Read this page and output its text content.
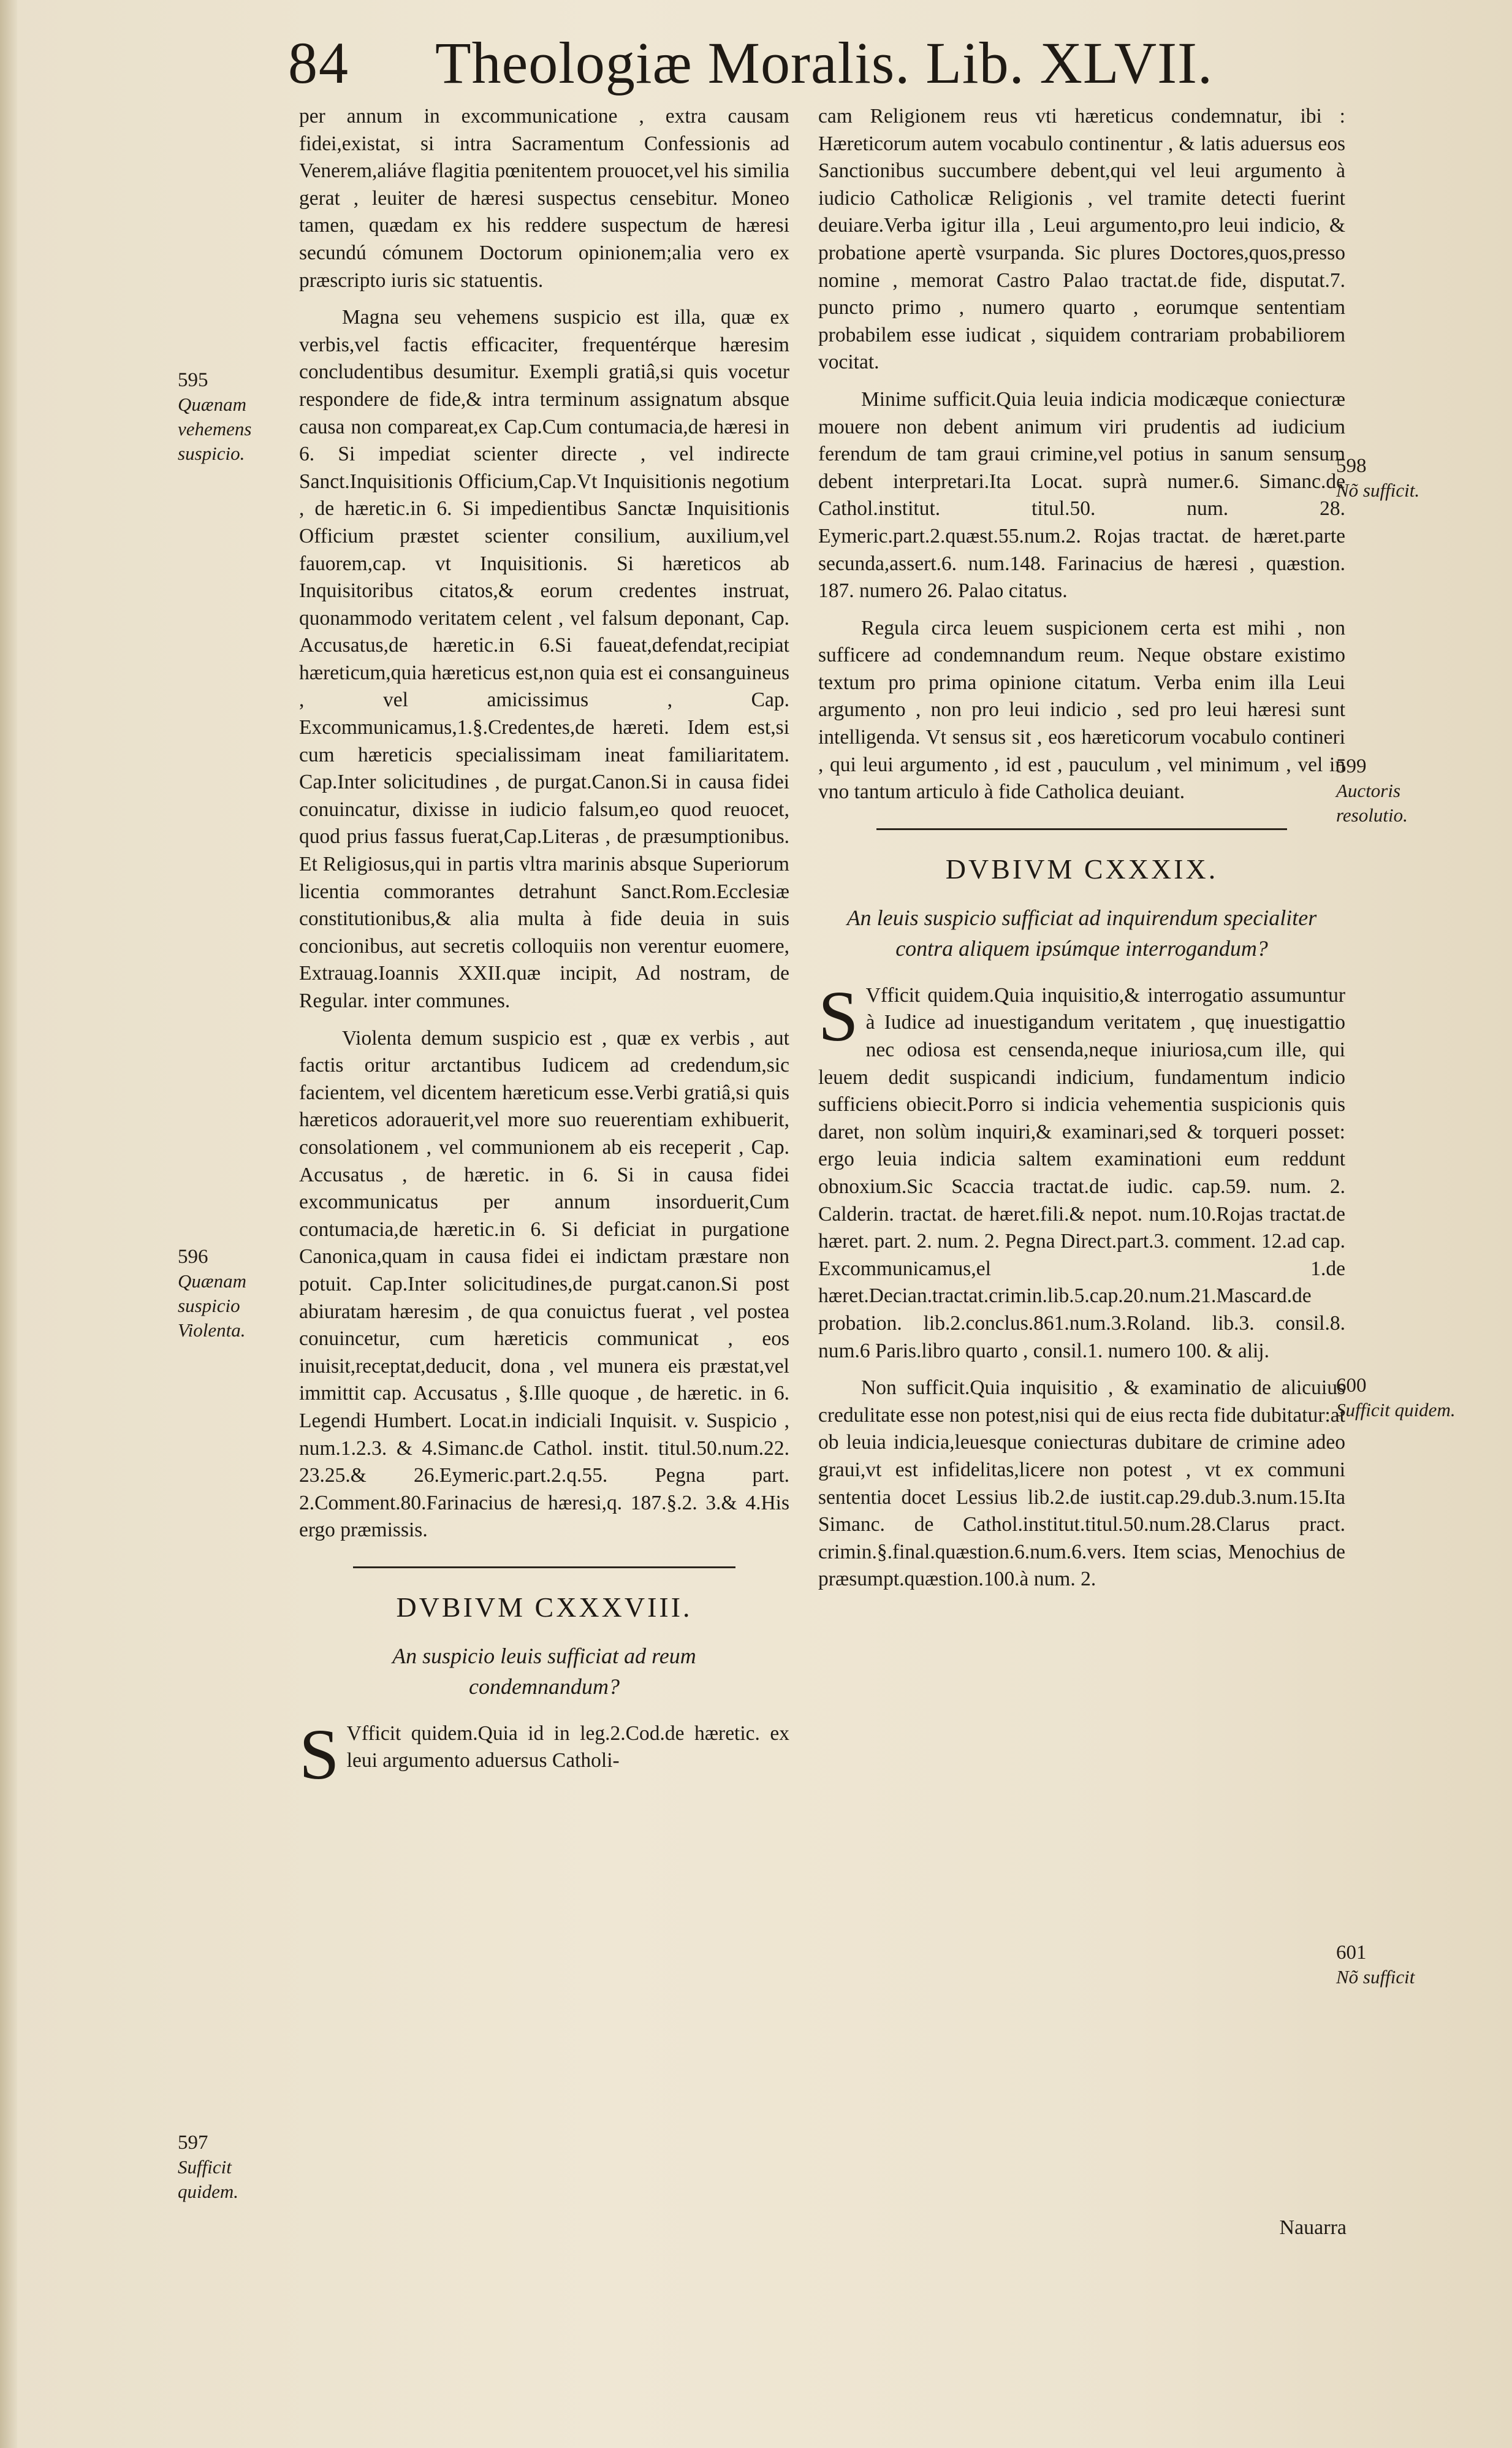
84 Theologiæ Moralis. Lib. XLVII.

per annum in excommunicatione , extra causam fidei,existat, si intra Sacramentum Confessionis ad Venerem,aliáve flagitia pœnitentem prouocet,vel his similia gerat , leuiter de hæresi suspectus censebitur. Moneo tamen, quædam ex his reddere suspectum de hæresi secundú cómunem Doctorum opinionem;alia vero ex præscripto iuris sic statuentis.

Magna seu vehemens suspicio est illa, quæ ex verbis,vel factis efficaciter, frequentérque hæresim concludentibus desumitur. Exempli gratiâ,si quis vocetur respondere de fide,& intra terminum assignatum absque causa non compareat,ex Cap.Cum contumacia,de hæresi in 6. Si impediat scienter directe , vel indirecte Sanct.Inquisitionis Officium,Cap.Vt Inquisitionis negotium , de hæretic.in 6. Si impedientibus Sanctæ Inquisitionis Officium præstet scienter consilium, auxilium,vel fauorem,cap. vt Inquisitionis. Si hæreticos ab Inquisitoribus citatos,& eorum credentes instruat, quonammodo veritatem celent , vel falsum deponant, Cap. Accusatus,de hæretic.in 6.Si faueat,defendat,recipiat hæreticum,quia hæreticus est,non quia est ei consanguineus , vel amicissimus , Cap. Excommunicamus,1.§.Credentes,de hæreti. Idem est,si cum hæreticis specialissimam ineat familiaritatem. Cap.Inter solicitudines , de purgat.Canon.Si in causa fidei conuincatur, dixisse in iudicio falsum,eo quod reuocet, quod prius fassus fuerat,Cap.Literas , de præsumptionibus. Et Religiosus,qui in partis vltra marinis absque Superiorum licentia commorantes detrahunt Sanct.Rom.Ecclesiæ constitutionibus,& alia multa à fide deuia in suis concionibus, aut secretis colloquiis non verentur euomere, Extrauag.Ioannis XXII.quæ incipit, Ad nostram, de Regular. inter communes.

Violenta demum suspicio est , quæ ex verbis , aut factis oritur arctantibus Iudicem ad credendum,sic facientem, vel dicentem hæreticum esse.Verbi gratiâ,si quis hæreticos adorauerit,vel more suo reuerentiam exhibuerit, consolationem , vel communionem ab eis receperit , Cap. Accusatus , de hæretic. in 6. Si in causa fidei excommunicatus per annum insorduerit,Cum contumacia,de hæretic.in 6. Si deficiat in purgatione Canonica,quam in causa fidei ei indictam præstare non potuit. Cap.Inter solicitudines,de purgat.canon.Si post abiuratam hæresim , de qua conuictus fuerat , vel postea conuincetur, cum hæreticis communicat , eos inuisit,receptat,deducit, dona , vel munera eis præstat,vel immittit cap. Accusatus , §.Ille quoque , de hæretic. in 6. Legendi Humbert. Locat.in indiciali Inquisit. v. Suspicio , num.1.2.3. & 4.Simanc.de Cathol. instit. titul.50.num.22. 23.25.& 26.Eymeric.part.2.q.55. Pegna part. 2.Comment.80.Farinacius de hæresi,q. 187.§.2. 3.& 4.His ergo præmissis.

DVBIVM CXXXVIII.
An suspicio leuis sufficiat ad reum condemnandum?

S Vfficit quidem.Quia id in leg.2.Cod.de hæretic. ex leui argumento aduersus Catholi-

cam Religionem reus vti hæreticus condemnatur, ibi : Hæreticorum autem vocabulo continentur , & latis aduersus eos Sanctionibus succumbere debent,qui vel leui argumento à iudicio Catholicæ Religionis , vel tramite detecti fuerint deuiare.Verba igitur illa , Leui argumento,pro leui indicio, & probatione apertè vsurpanda. Sic plures Doctores,quos,presso nomine , memorat Castro Palao tractat.de fide, disputat.7. puncto primo , numero quarto , eorumque sententiam probabilem esse iudicat , siquidem contrariam probabiliorem vocitat.

Minime sufficit.Quia leuia indicia modicæque coniecturæ mouere non debent animum viri prudentis ad iudicium ferendum de tam graui crimine,vel potius in sanum sensum debent interpretari.Ita Locat. suprà numer.6. Simanc.de Cathol.institut. titul.50. num. 28. Eymeric.part.2.quæst.55.num.2. Rojas tractat. de hæret.parte secunda,assert.6. num.148. Farinacius de hæresi , quæstion. 187. numero 26. Palao citatus.

Regula circa leuem suspicionem certa est mihi , non sufficere ad condemnandum reum. Neque obstare existimo textum pro prima opinione citatum. Verba enim illa Leui argumento , non pro leui indicio , sed pro leui hæresi sunt intelligenda. Vt sensus sit , eos hæreticorum vocabulo contineri , qui leui argumento , id est , pauculum , vel minimum , vel in vno tantum articulo à fide Catholica deuiant.

DVBIVM CXXXIX.
An leuis suspicio sufficiat ad inquirendum specialiter contra aliquem ipsúmque interrogandum?

S Vfficit quidem.Quia inquisitio,& interrogatio assumuntur à Iudice ad inuestigandum veritatem , quę inuestigattio nec odiosa est censenda,neque iniuriosa,cum ille, qui leuem dedit suspicandi indicium, fundamentum indicio sufficiens obiecit.Porro si indicia vehementia suspicionis quis daret, non solùm inquiri,& examinari,sed & torqueri posset: ergo leuia indicia saltem examinationi eum reddunt obnoxium.Sic Scaccia tractat.de iudic. cap.59. num. 2. Calderin. tractat. de hæret.fili.& nepot. num.10.Rojas tractat.de hæret. part. 2. num. 2. Pegna Direct.part.3. comment. 12.ad cap. Excommunicamus,el 1.de hæret.Decian.tractat.crimin.lib.5.cap.20.num.21.Mascard.de probation. lib.2.conclus.861.num.3.Roland. lib.3. consil.8. num.6 Paris.libro quarto , consil.1. numero 100. & alij.

Non sufficit.Quia inquisitio , & examinatio de alicuius credulitate esse non potest,nisi qui de eius recta fide dubitatur:at ob leuia indicia,leuesque coniecturas dubitare de crimine adeo graui,vt est infidelitas,licere non potest , vt ex communi sententia docet Lessius lib.2.de iustit.cap.29.dub.3.num.15.Ita Simanc. de Cathol.institut.titul.50.num.28.Clarus pract. crimin.§.final.quæstion.6.num.6.vers. Item scias, Menochius de præsumpt.quæstion.100.à num. 2.

595
Quænam vehemens suspicio.
596
Quænam suspicio Violenta.
597
Sufficit quidem.
598
Nõ sufficit.
599
Auctoris resolutio.
600
Sufficit quidem.
601
Nõ sufficit
Nauarra
